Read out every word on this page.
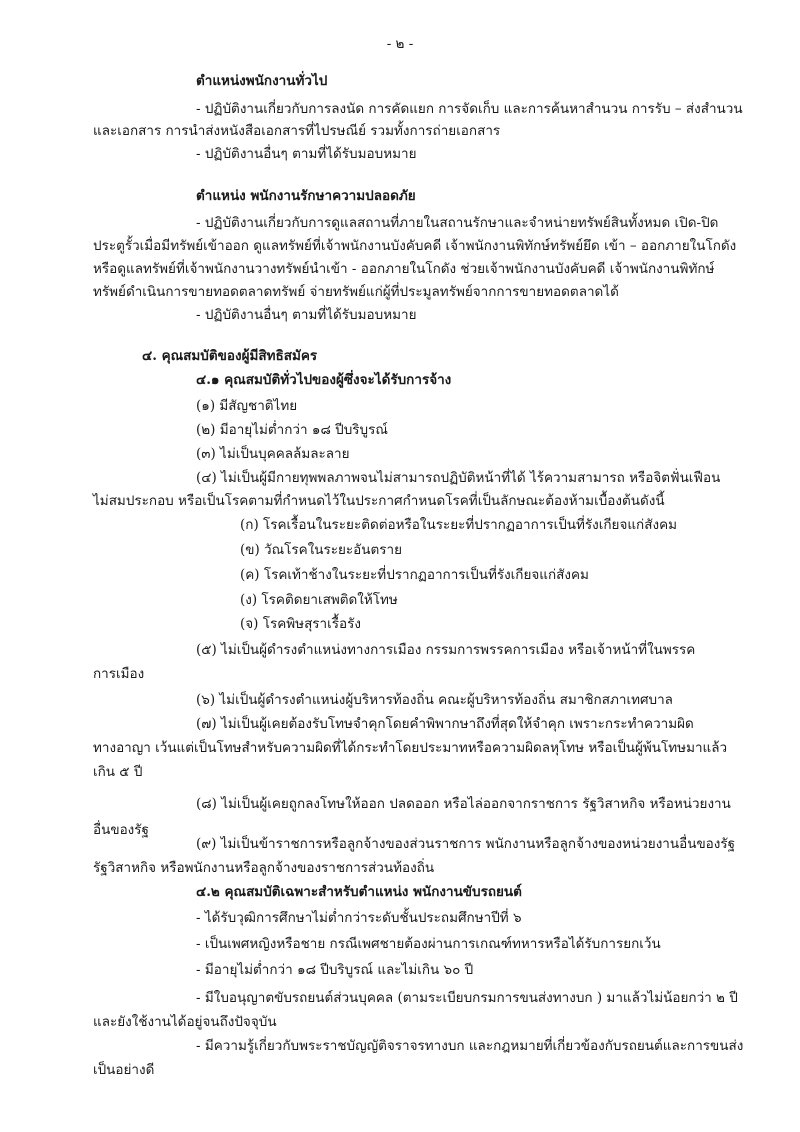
- ๒ -
ตำแหน่งพนักงานทั่วไป
- ปฏิบัติงานเกี่ยวกับการลงนัด การคัดแยก การจัดเก็บ และการค้นหาสำนวน การรับ – ส่งสำนวน
และเอกสาร การนำส่งหนังสือเอกสารที่ไปรษณีย์ รวมทั้งการถ่ายเอกสาร
- ปฏิบัติงานอื่นๆ ตามที่ได้รับมอบหมาย
ตำแหน่ง พนักงานรักษาความปลอดภัย
- ปฏิบัติงานเกี่ยวกับการดูแลสถานที่ภายในสถานรักษาและจำหน่ายทรัพย์สินทั้งหมด เปิด-ปิด
ประตูรั้วเมื่อมีทรัพย์เข้าออก ดูแลทรัพย์ที่เจ้าพนักงานบังคับคดี เจ้าพนักงานพิทักษ์ทรัพย์ยึด เข้า – ออกภายในโกดัง
หรือดูแลทรัพย์ที่เจ้าพนักงานวางทรัพย์นำเข้า - ออกภายในโกดัง ช่วยเจ้าพนักงานบังคับคดี เจ้าพนักงานพิทักษ์
ทรัพย์ดำเนินการขายทอดตลาดทรัพย์ จ่ายทรัพย์แก่ผู้ที่ประมูลทรัพย์จากการขายทอดตลาดได้
- ปฏิบัติงานอื่นๆ ตามที่ได้รับมอบหมาย
๔. คุณสมบัติของผู้มีสิทธิสมัคร
๔.๑ คุณสมบัติทั่วไปของผู้ซึ่งจะได้รับการจ้าง
(๑) มีสัญชาติไทย
(๒) มีอายุไม่ต่ำกว่า ๑๘ ปีบริบูรณ์
(๓) ไม่เป็นบุคคลล้มละลาย
(๔) ไม่เป็นผู้มีกายทุพพลภาพจนไม่สามารถปฏิบัติหน้าที่ได้ ไร้ความสามารถ หรือจิตฟั่นเฟือน
ไม่สมประกอบ หรือเป็นโรคตามที่กำหนดไว้ในประกาศกำหนดโรคที่เป็นลักษณะต้องห้ามเบื้องต้นดังนี้
(ก) โรคเรื้อนในระยะติดต่อหรือในระยะที่ปรากฏอาการเป็นที่รังเกียจแก่สังคม
(ข) วัณโรคในระยะอันตราย
(ค) โรคเท้าช้างในระยะที่ปรากฏอาการเป็นที่รังเกียจแก่สังคม
(ง) โรคติดยาเสพติดให้โทษ
(จ) โรคพิษสุราเรื้อรัง
(๕) ไม่เป็นผู้ดำรงตำแหน่งทางการเมือง กรรมการพรรคการเมือง หรือเจ้าหน้าที่ในพรรค
การเมือง
(๖) ไม่เป็นผู้ดำรงตำแหน่งผู้บริหารท้องถิ่น คณะผู้บริหารท้องถิ่น สมาชิกสภาเทศบาล
(๗) ไม่เป็นผู้เคยต้องรับโทษจำคุกโดยคำพิพากษาถึงที่สุดให้จำคุก เพราะกระทำความผิด
ทางอาญา เว้นแต่เป็นโทษสำหรับความผิดที่ได้กระทำโดยประมาทหรือความผิดลหุโทษ หรือเป็นผู้พ้นโทษมาแล้ว
เกิน ๕ ปี
(๘) ไม่เป็นผู้เคยถูกลงโทษให้ออก ปลดออก หรือไล่ออกจากราชการ รัฐวิสาหกิจ หรือหน่วยงาน
อื่นของรัฐ
(๙) ไม่เป็นข้าราชการหรือลูกจ้างของส่วนราชการ พนักงานหรือลูกจ้างของหน่วยงานอื่นของรัฐ
รัฐวิสาหกิจ หรือพนักงานหรือลูกจ้างของราชการส่วนท้องถิ่น
๔.๒ คุณสมบัติเฉพาะสำหรับตำแหน่ง พนักงานขับรถยนต์
- ได้รับวุฒิการศึกษาไม่ต่ำกว่าระดับชั้นประถมศึกษาปีที่ ๖
- เป็นเพศหญิงหรือชาย กรณีเพศชายต้องผ่านการเกณฑ์ทหารหรือได้รับการยกเว้น
- มีอายุไม่ต่ำกว่า ๑๘ ปีบริบูรณ์ และไม่เกิน ๖๐ ปี
- มีใบอนุญาตขับรถยนต์ส่วนบุคคล (ตามระเบียบกรมการขนส่งทางบก ) มาแล้วไม่น้อยกว่า ๒ ปี
และยังใช้งานได้อยู่จนถึงปัจจุบัน
- มีความรู้เกี่ยวกับพระราชบัญญัติจราจรทางบก และกฎหมายที่เกี่ยวข้องกับรถยนต์และการขนส่ง
เป็นอย่างดี
